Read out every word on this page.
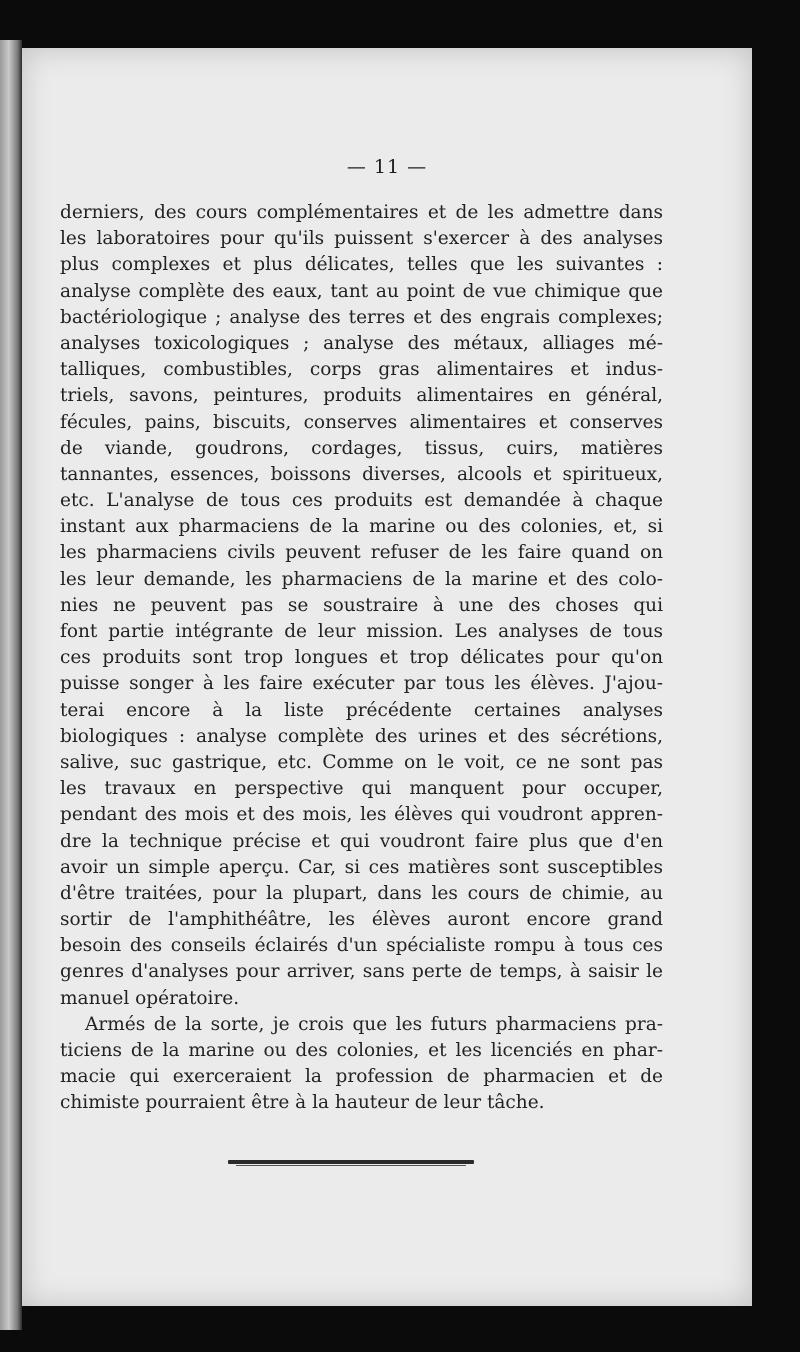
— 11 —
derniers, des cours complémentaires et de les admettre dans
les laboratoires pour qu'ils puissent s'exercer à des analyses
plus complexes et plus délicates, telles que les suivantes :
analyse complète des eaux, tant au point de vue chimique que
bactériologique ; analyse des terres et des engrais complexes;
analyses toxicologiques ; analyse des métaux, alliages mé-
talliques, combustibles, corps gras alimentaires et indus-
triels, savons, peintures, produits alimentaires en général,
fécules, pains, biscuits, conserves alimentaires et conserves
de viande, goudrons, cordages, tissus, cuirs, matières
tannantes, essences, boissons diverses, alcools et spiritueux,
etc. L'analyse de tous ces produits est demandée à chaque
instant aux pharmaciens de la marine ou des colonies, et, si
les pharmaciens civils peuvent refuser de les faire quand on
les leur demande, les pharmaciens de la marine et des colo-
nies ne peuvent pas se soustraire à une des choses qui
font partie intégrante de leur mission. Les analyses de tous
ces produits sont trop longues et trop délicates pour qu'on
puisse songer à les faire exécuter par tous les élèves. J'ajou-
terai encore à la liste précédente certaines analyses
biologiques : analyse complète des urines et des sécrétions,
salive, suc gastrique, etc. Comme on le voit, ce ne sont pas
les travaux en perspective qui manquent pour occuper,
pendant des mois et des mois, les élèves qui voudront appren-
dre la technique précise et qui voudront faire plus que d'en
avoir un simple aperçu. Car, si ces matières sont susceptibles
d'être traitées, pour la plupart, dans les cours de chimie, au
sortir de l'amphithéâtre, les élèves auront encore grand
besoin des conseils éclairés d'un spécialiste rompu à tous ces
genres d'analyses pour arriver, sans perte de temps, à saisir le
manuel opératoire.
Armés de la sorte, je crois que les futurs pharmaciens pra-
ticiens de la marine ou des colonies, et les licenciés en phar-
macie qui exerceraient la profession de pharmacien et de
chimiste pourraient être à la hauteur de leur tâche.
